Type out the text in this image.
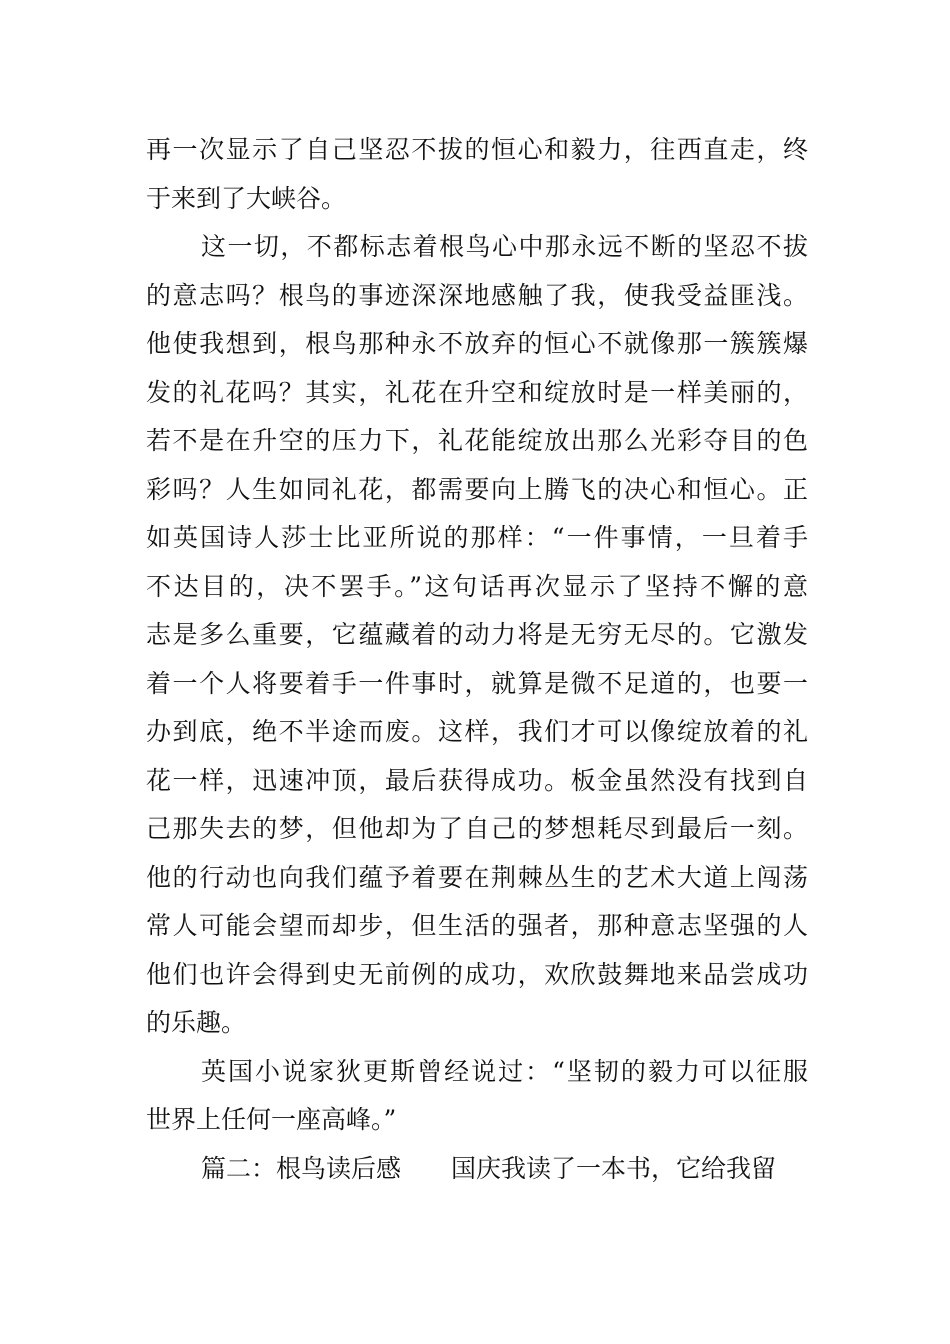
再一次显示了自己坚忍不拔的恒心和毅力，往西直走，终
于来到了大峡谷。
这一切，不都标志着根鸟心中那永远不断的坚忍不拔
的意志吗？根鸟的事迹深深地感触了我，使我受益匪浅。
他使我想到，根鸟那种永不放弃的恒心不就像那一簇簇爆
发的礼花吗？其实，礼花在升空和绽放时是一样美丽的，
若不是在升空的压力下，礼花能绽放出那么光彩夺目的色
彩吗？人生如同礼花，都需要向上腾飞的决心和恒心。正
如英国诗人莎士比亚所说的那样：“一件事情，一旦着手
不达目的，决不罢手。”这句话再次显示了坚持不懈的意
志是多么重要，它蕴藏着的动力将是无穷无尽的。它激发
着一个人将要着手一件事时，就算是微不足道的，也要一
办到底，绝不半途而废。这样，我们才可以像绽放着的礼
花一样，迅速冲顶，最后获得成功。板金虽然没有找到自
己那失去的梦，但他却为了自己的梦想耗尽到最后一刻。
他的行动也向我们蕴予着要在荆棘丛生的艺术大道上闯荡
常人可能会望而却步，但生活的强者，那种意志坚强的人
他们也许会得到史无前例的成功，欢欣鼓舞地来品尝成功
的乐趣。
英国小说家狄更斯曾经说过：“坚韧的毅力可以征服
世界上任何一座高峰。”
篇二：根鸟读后感 国庆我读了一本书，它给我留
